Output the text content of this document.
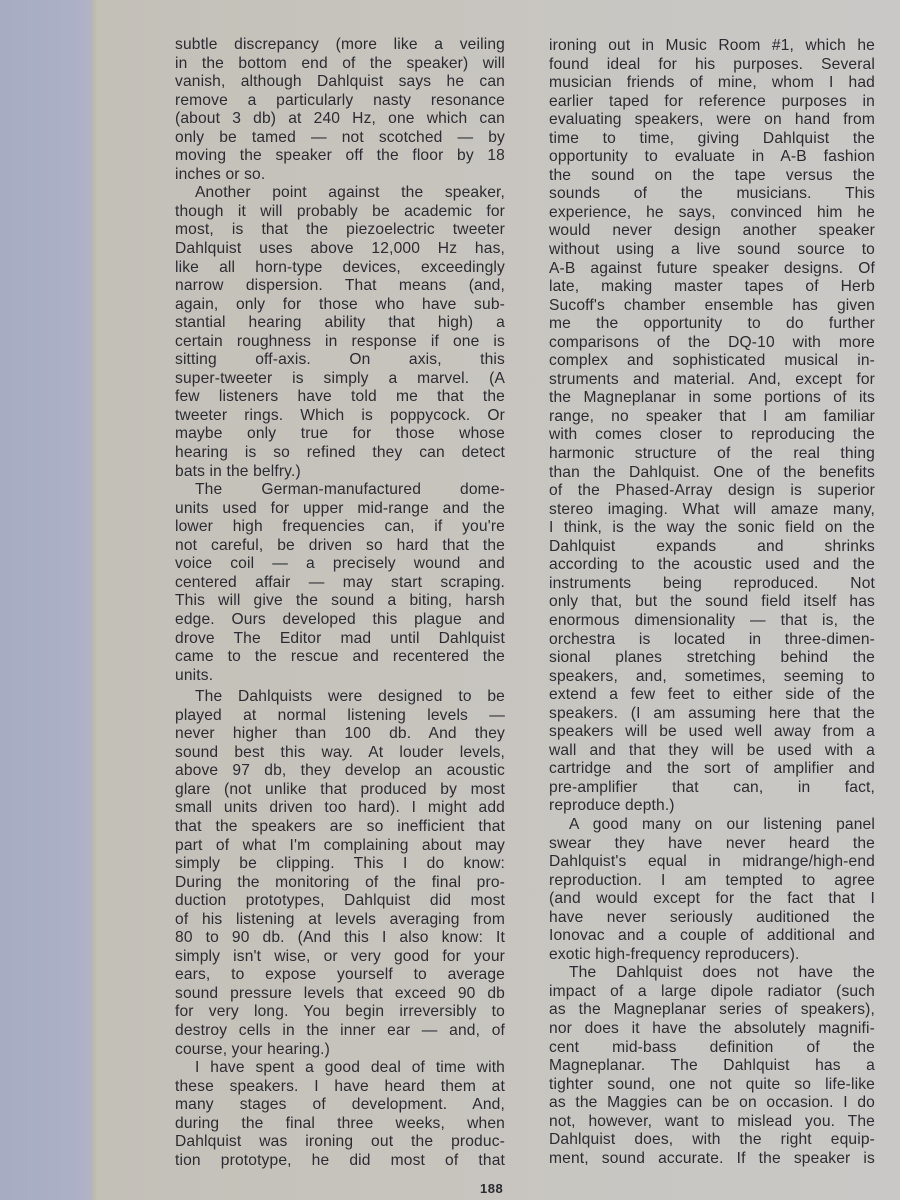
subtle discrepancy (more like a veiling
in the bottom end of the speaker) will
vanish, although Dahlquist says he can
remove a particularly nasty resonance
(about 3 db) at 240 Hz, one which can
only be tamed — not scotched — by
moving the speaker off the floor by 18
inches or so.
Another point against the speaker,
though it will probably be academic for
most, is that the piezoelectric tweeter
Dahlquist uses above 12,000 Hz has,
like all horn-type devices, exceedingly
narrow dispersion. That means (and,
again, only for those who have sub-
stantial hearing ability that high) a
certain roughness in response if one is
sitting off-axis. On axis, this
super-tweeter is simply a marvel. (A
few listeners have told me that the
tweeter rings. Which is poppycock. Or
maybe only true for those whose
hearing is so refined they can detect
bats in the belfry.)
The German-manufactured dome-
units used for upper mid-range and the
lower high frequencies can, if you're
not careful, be driven so hard that the
voice coil — a precisely wound and
centered affair — may start scraping.
This will give the sound a biting, harsh
edge. Ours developed this plague and
drove The Editor mad until Dahlquist
came to the rescue and recentered the
units.
The Dahlquists were designed to be
played at normal listening levels —
never higher than 100 db. And they
sound best this way. At louder levels,
above 97 db, they develop an acoustic
glare (not unlike that produced by most
small units driven too hard). I might add
that the speakers are so inefficient that
part of what I'm complaining about may
simply be clipping. This I do know:
During the monitoring of the final pro-
duction prototypes, Dahlquist did most
of his listening at levels averaging from
80 to 90 db. (And this I also know: It
simply isn't wise, or very good for your
ears, to expose yourself to average
sound pressure levels that exceed 90 db
for very long. You begin irreversibly to
destroy cells in the inner ear — and, of
course, your hearing.)
I have spent a good deal of time with
these speakers. I have heard them at
many stages of development. And,
during the final three weeks, when
Dahlquist was ironing out the produc-
tion prototype, he did most of that
ironing out in Music Room #1, which he
found ideal for his purposes. Several
musician friends of mine, whom I had
earlier taped for reference purposes in
evaluating speakers, were on hand from
time to time, giving Dahlquist the
opportunity to evaluate in A-B fashion
the sound on the tape versus the
sounds of the musicians. This
experience, he says, convinced him he
would never design another speaker
without using a live sound source to
A-B against future speaker designs. Of
late, making master tapes of Herb
Sucoff's chamber ensemble has given
me the opportunity to do further
comparisons of the DQ-10 with more
complex and sophisticated musical in-
struments and material. And, except for
the Magneplanar in some portions of its
range, no speaker that I am familiar
with comes closer to reproducing the
harmonic structure of the real thing
than the Dahlquist. One of the benefits
of the Phased-Array design is superior
stereo imaging. What will amaze many,
I think, is the way the sonic field on the
Dahlquist expands and shrinks
according to the acoustic used and the
instruments being reproduced. Not
only that, but the sound field itself has
enormous dimensionality — that is, the
orchestra is located in three-dimen-
sional planes stretching behind the
speakers, and, sometimes, seeming to
extend a few feet to either side of the
speakers. (I am assuming here that the
speakers will be used well away from a
wall and that they will be used with a
cartridge and the sort of amplifier and
pre-amplifier that can, in fact,
reproduce depth.)
A good many on our listening panel
swear they have never heard the
Dahlquist's equal in midrange/high-end
reproduction. I am tempted to agree
(and would except for the fact that I
have never seriously auditioned the
Ionovac and a couple of additional and
exotic high-frequency reproducers).
The Dahlquist does not have the
impact of a large dipole radiator (such
as the Magneplanar series of speakers),
nor does it have the absolutely magnifi-
cent mid-bass definition of the
Magneplanar. The Dahlquist has a
tighter sound, one not quite so life-like
as the Maggies can be on occasion. I do
not, however, want to mislead you. The
Dahlquist does, with the right equip-
ment, sound accurate. If the speaker is
188
